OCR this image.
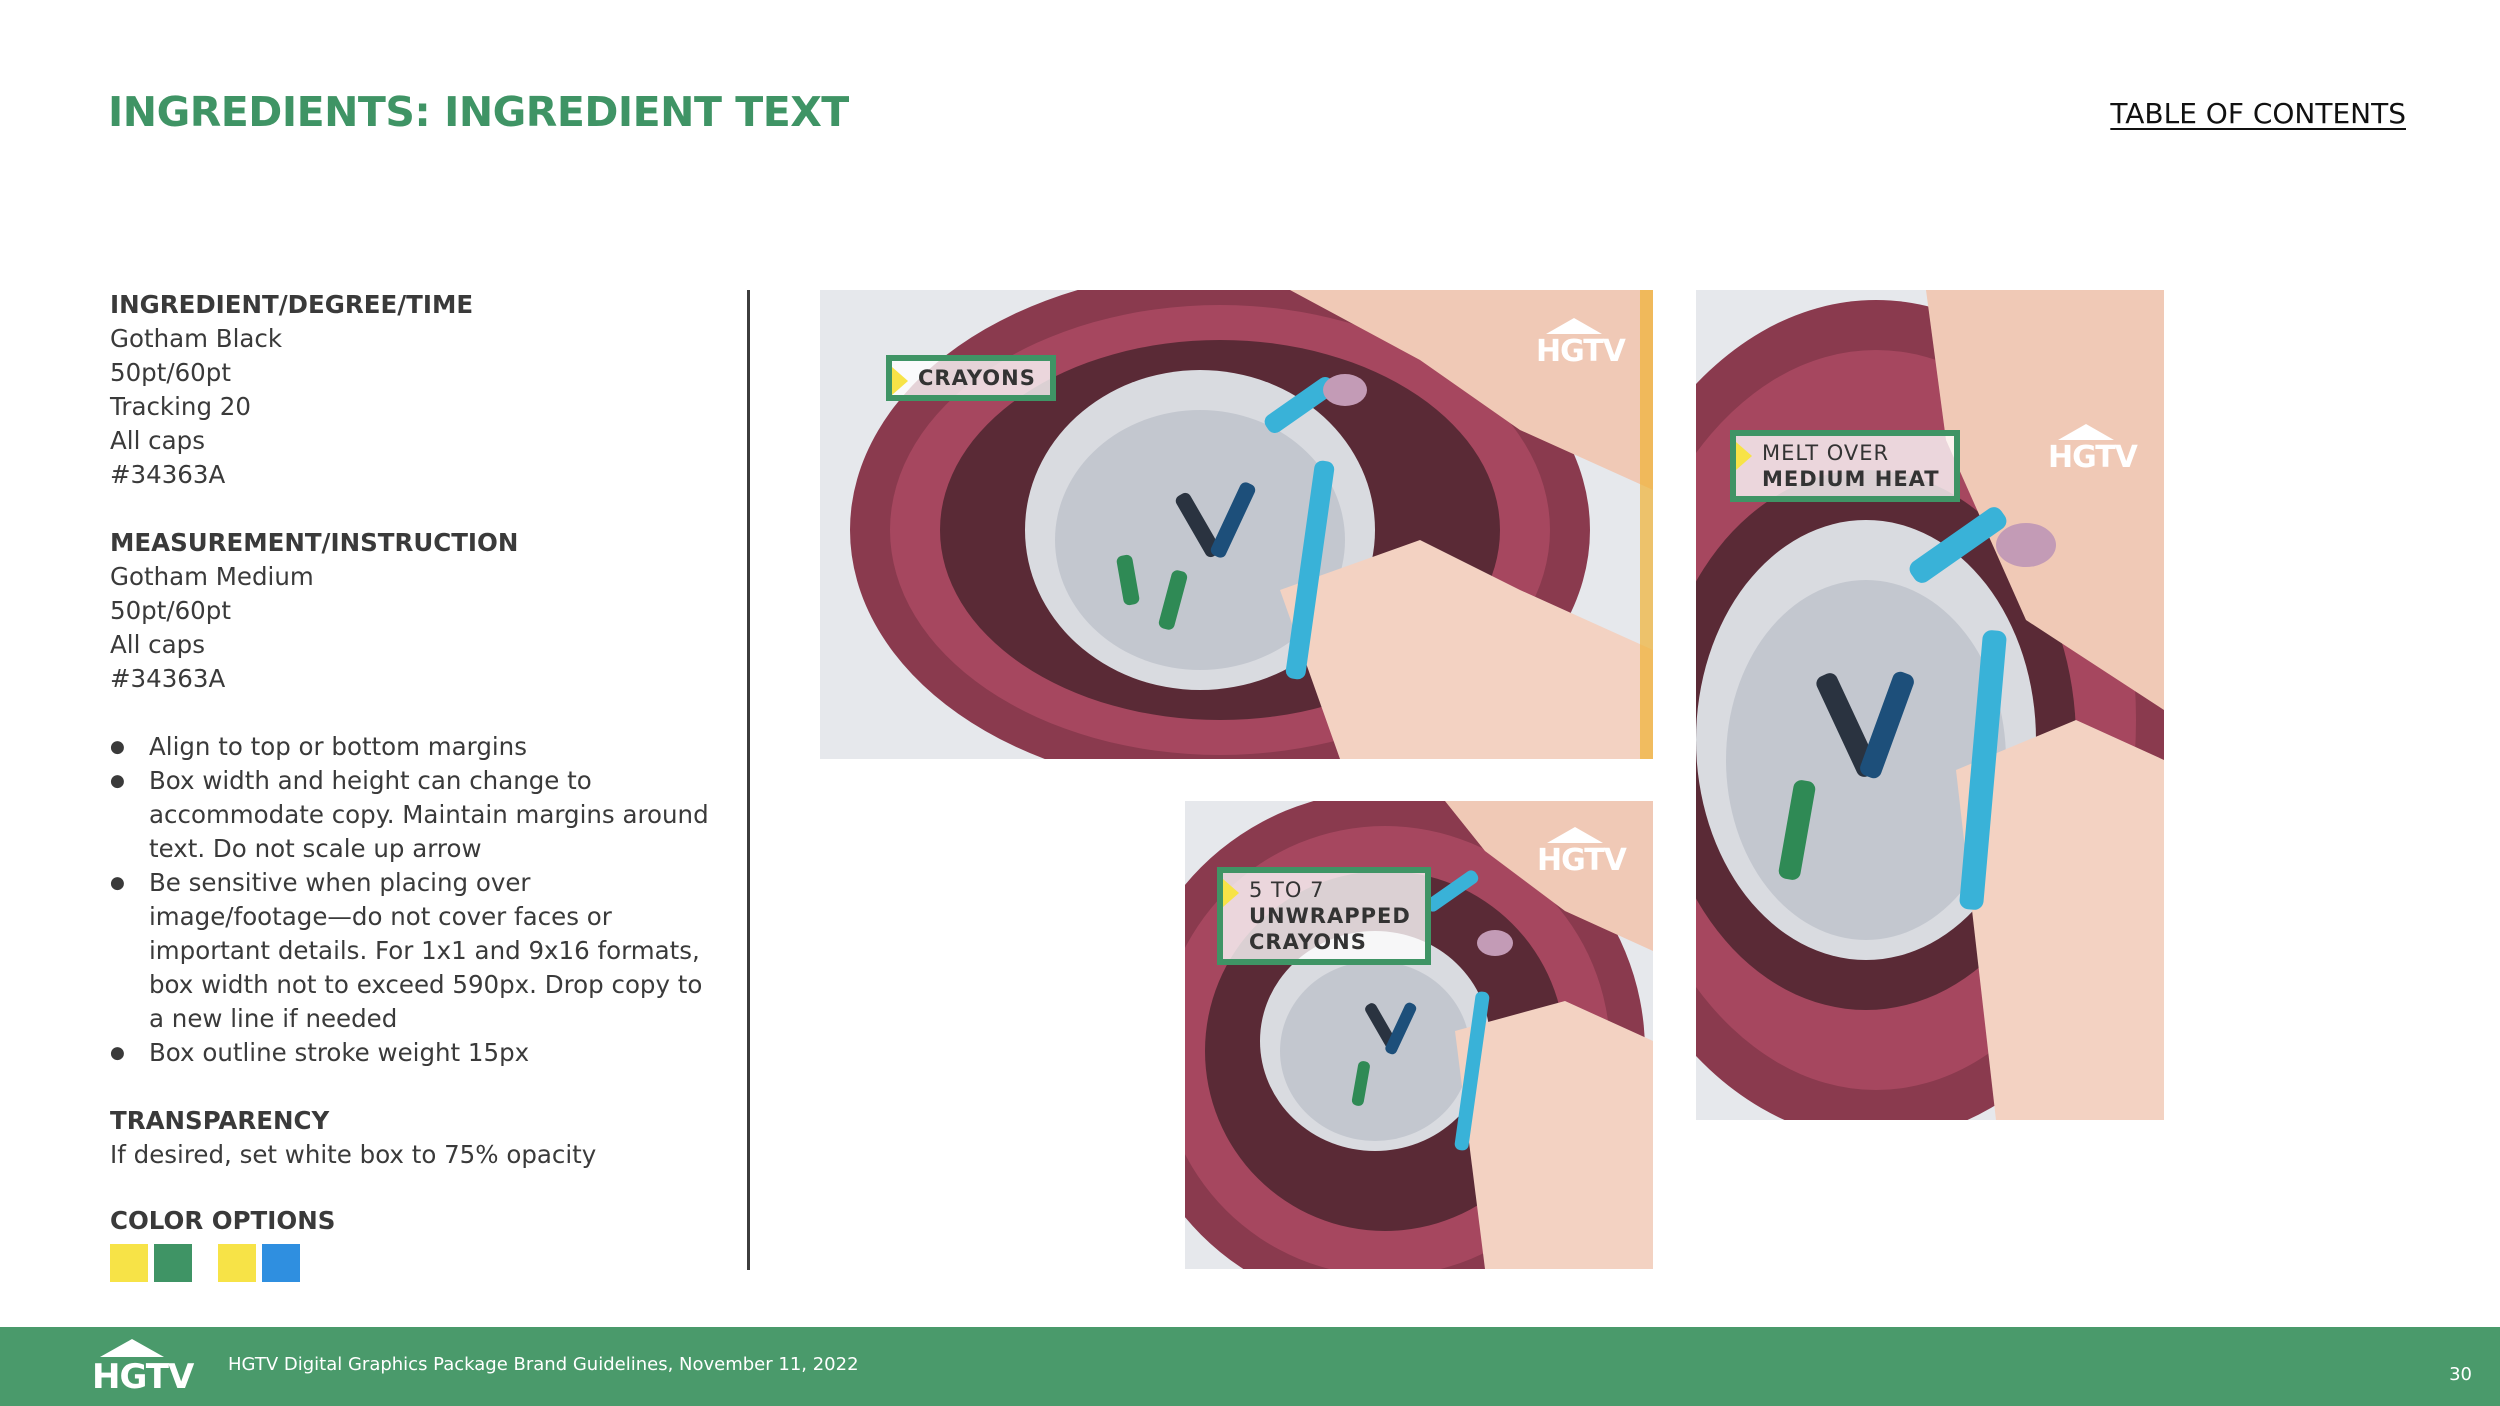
INGREDIENTS: INGREDIENT TEXT	TABLE OF CONTENTS
INGREDIENT/DEGREE/TIME
Gotham Black
50pt/60pt
Tracking 20
All caps
#34363A
MEASUREMENT/INSTRUCTION
Gotham Medium
50pt/60pt
All caps
#34363A
● Align to top or bottom margins
● Box width and height can change to accommodate copy. Maintain margins around text. Do not scale up arrow
● Be sensitive when placing over image/footage—do not cover faces or important details. For 1x1 and 9x16 formats, box width not to exceed 590px. Drop copy to a new line if needed
● Box outline stroke weight 15px
TRANSPARENCY
If desired, set white box to 75% opacity
COLOR OPTIONS
CRAYONS
HGTV
MELT OVER
MEDIUM HEAT
HGTV
5 TO 7
UNWRAPPED
CRAYONS
HGTV
HGTV HGTV Digital Graphics Package Brand Guidelines, November 11, 2022	30
